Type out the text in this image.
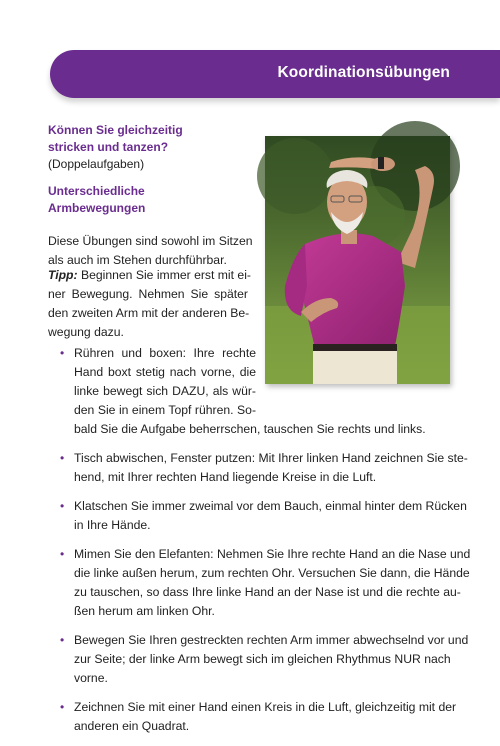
Koordinationsübungen
Können Sie gleichzeitig
stricken und tanzen?
(Doppelaufgaben)
Unterschiedliche
Armbewegungen
Diese Übungen sind sowohl im Sitzen
als auch im Stehen durchführbar.
Tipp: Beginnen Sie immer erst mit ei-
ner Bewegung. Nehmen Sie später
den zweiten Arm mit der anderen Be-
wegung dazu.
• Rühren und boxen: Ihre rechte
Hand boxt stetig nach vorne, die
linke bewegt sich DAZU, als wür-
den Sie in einem Topf rühren. So-
bald Sie die Aufgabe beherrschen, tauschen Sie rechts und links.
• Tisch abwischen, Fenster putzen: Mit Ihrer linken Hand zeichnen Sie ste-
hend, mit Ihrer rechten Hand liegende Kreise in die Luft.
• Klatschen Sie immer zweimal vor dem Bauch, einmal hinter dem Rücken
in Ihre Hände.
• Mimen Sie den Elefanten: Nehmen Sie Ihre rechte Hand an die Nase und
die linke außen herum, zum rechten Ohr. Versuchen Sie dann, die Hände
zu tauschen, so dass Ihre linke Hand an der Nase ist und die rechte au-
ßen herum am linken Ohr.
• Bewegen Sie Ihren gestreckten rechten Arm immer abwechselnd vor und
zur Seite; der linke Arm bewegt sich im gleichen Rhythmus NUR nach
vorne.
• Zeichnen Sie mit einer Hand einen Kreis in die Luft, gleichzeitig mit der
anderen ein Quadrat.
